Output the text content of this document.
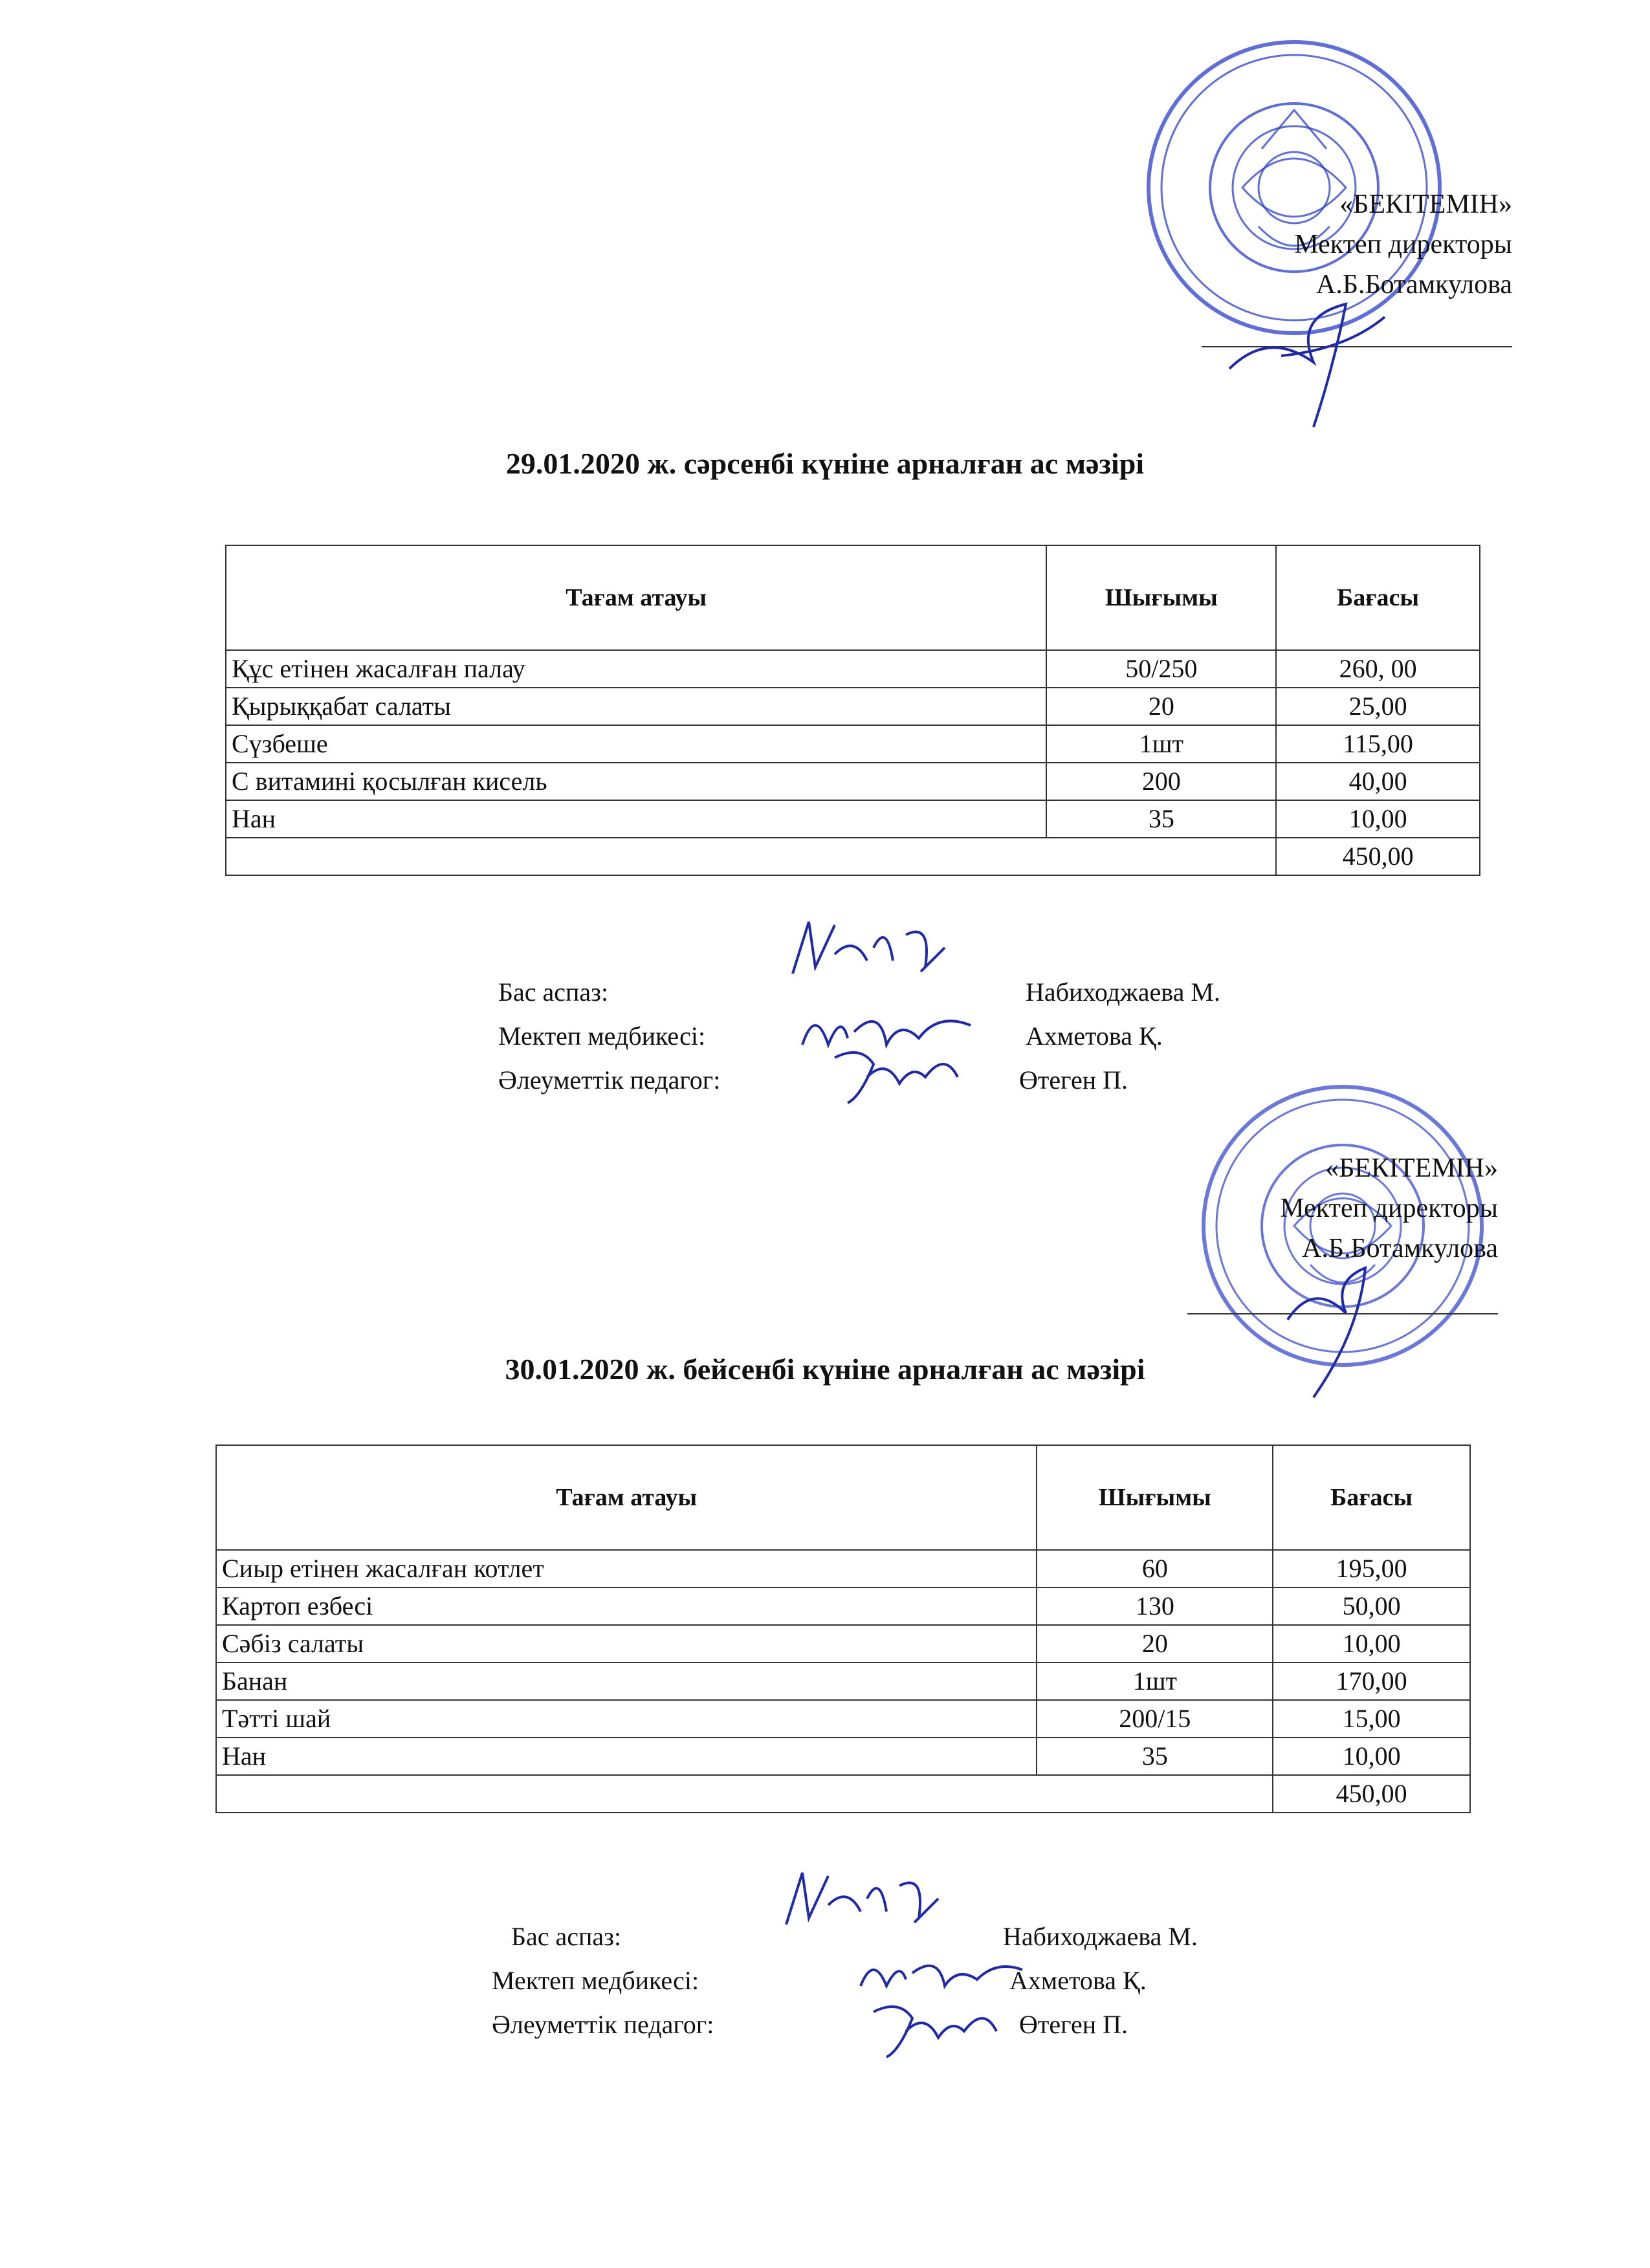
«БЕКІТЕМІН»
Мектеп директоры
А.Б.Ботамкулова
29.01.2020 ж. сәрсенбі күніне арналған ас мәзірі
Тағам атауы	Шығымы	Бағасы
Құс етінен жасалған палау	50/250	260, 00
Қырыққабат салаты	20	25,00
Сүзбеше	1шт	115,00
С витамині қосылған кисель	200	40,00
Нан	35	10,00
		450,00
Бас аспаз:	Набиходжаева М.
Мектеп медбикесі:	Ахметова Қ.
Әлеуметтік педагог:	Өтеген П.
«БЕКІТЕМІН»
Мектеп директоры
А.Б.Ботамкулова
30.01.2020 ж. бейсенбі күніне арналған ас мәзірі
Тағам атауы	Шығымы	Бағасы
Сиыр етінен жасалған котлет	60	195,00
Картоп езбесі	130	50,00
Сәбіз салаты	20	10,00
Банан	1шт	170,00
Тәтті шай	200/15	15,00
Нан	35	10,00
		450,00
Бас аспаз:	Набиходжаева М.
Мектеп медбикесі:	Ахметова Қ.
Әлеуметтік педагог:	Өтеген П.
